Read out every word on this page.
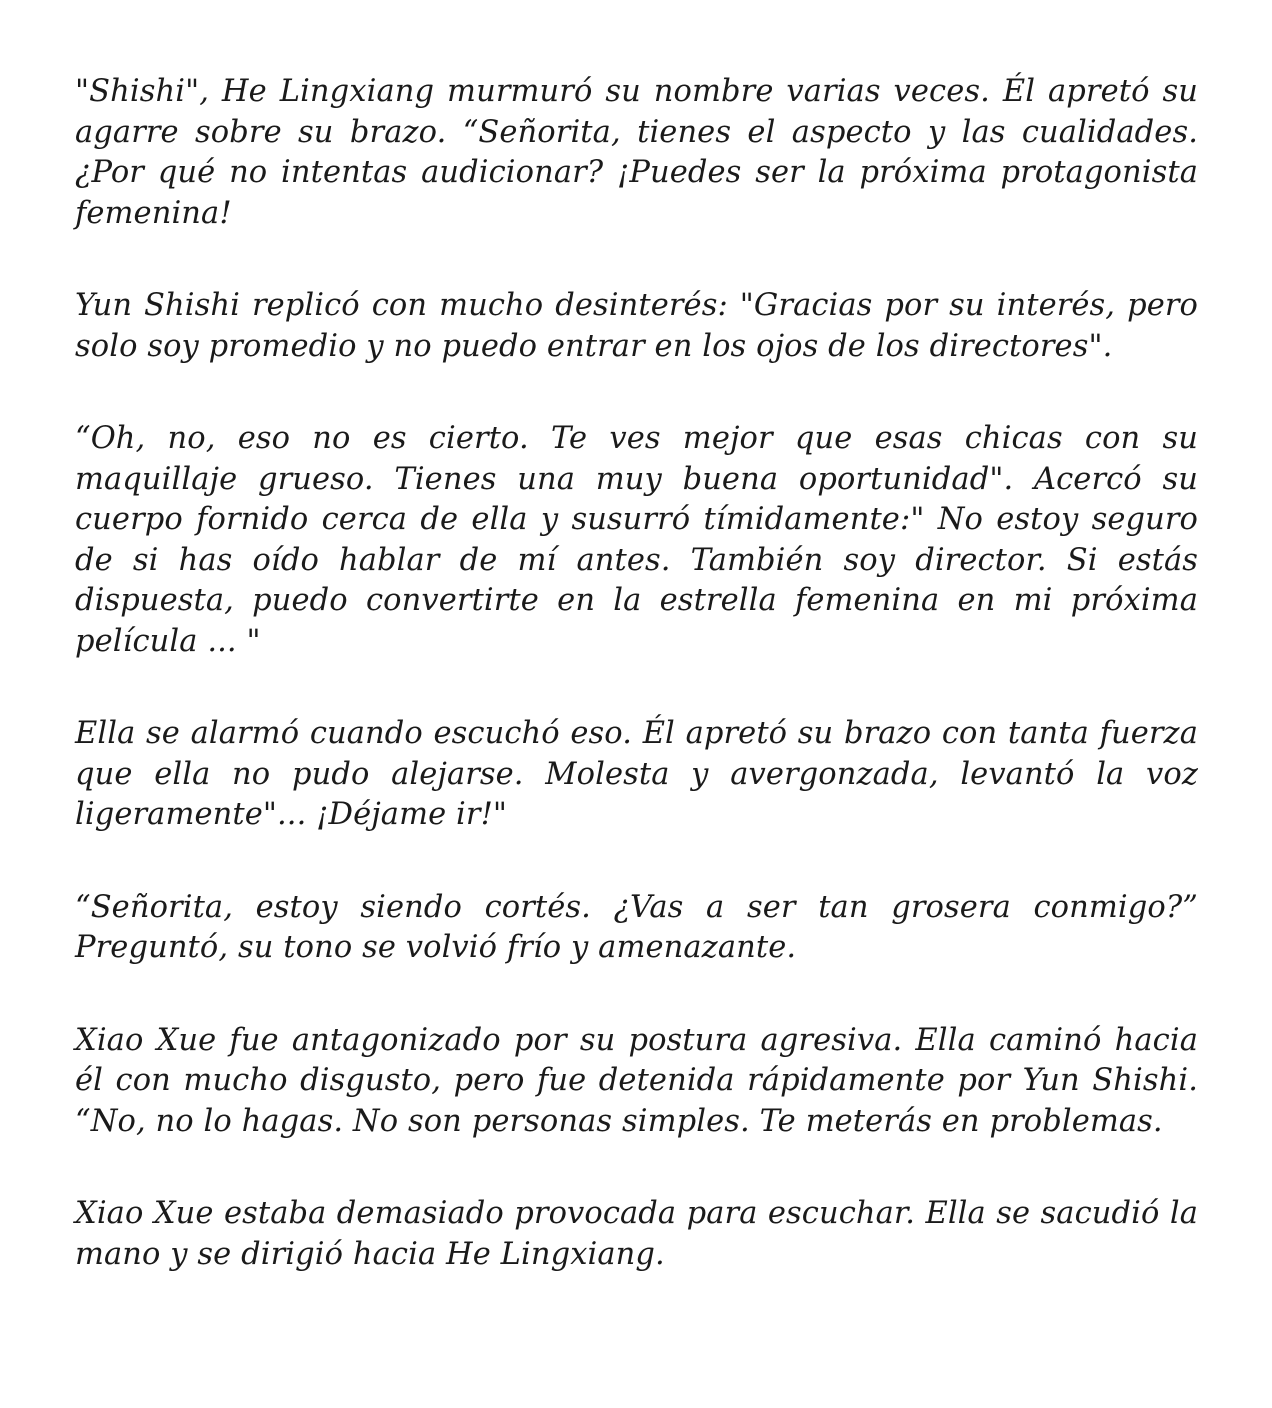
"Shishi", He Lingxiang murmuró su nombre varias veces. Él apretó su agarre sobre su brazo. “Señorita, tienes el aspecto y las cualidades. ¿Por qué no intentas audicionar? ¡Puedes ser la próxima protagonista femenina!

Yun Shishi replicó con mucho desinterés: "Gracias por su interés, pero solo soy promedio y no puedo entrar en los ojos de los directores".

“Oh, no, eso no es cierto. Te ves mejor que esas chicas con su maquillaje grueso. Tienes una muy buena oportunidad". Acercó su cuerpo fornido cerca de ella y susurró tímidamente:" No estoy seguro de si has oído hablar de mí antes. También soy director. Si estás dispuesta, puedo convertirte en la estrella femenina en mi próxima película ... "

Ella se alarmó cuando escuchó eso. Él apretó su brazo con tanta fuerza que ella no pudo alejarse. Molesta y avergonzada, levantó la voz ligeramente"... ¡Déjame ir!"

“Señorita, estoy siendo cortés. ¿Vas a ser tan grosera conmigo?” Preguntó, su tono se volvió frío y amenazante.

Xiao Xue fue antagonizado por su postura agresiva. Ella caminó hacia él con mucho disgusto, pero fue detenida rápidamente por Yun Shishi. “No, no lo hagas. No son personas simples. Te meterás en problemas.

Xiao Xue estaba demasiado provocada para escuchar. Ella se sacudió la mano y se dirigió hacia He Lingxiang.
